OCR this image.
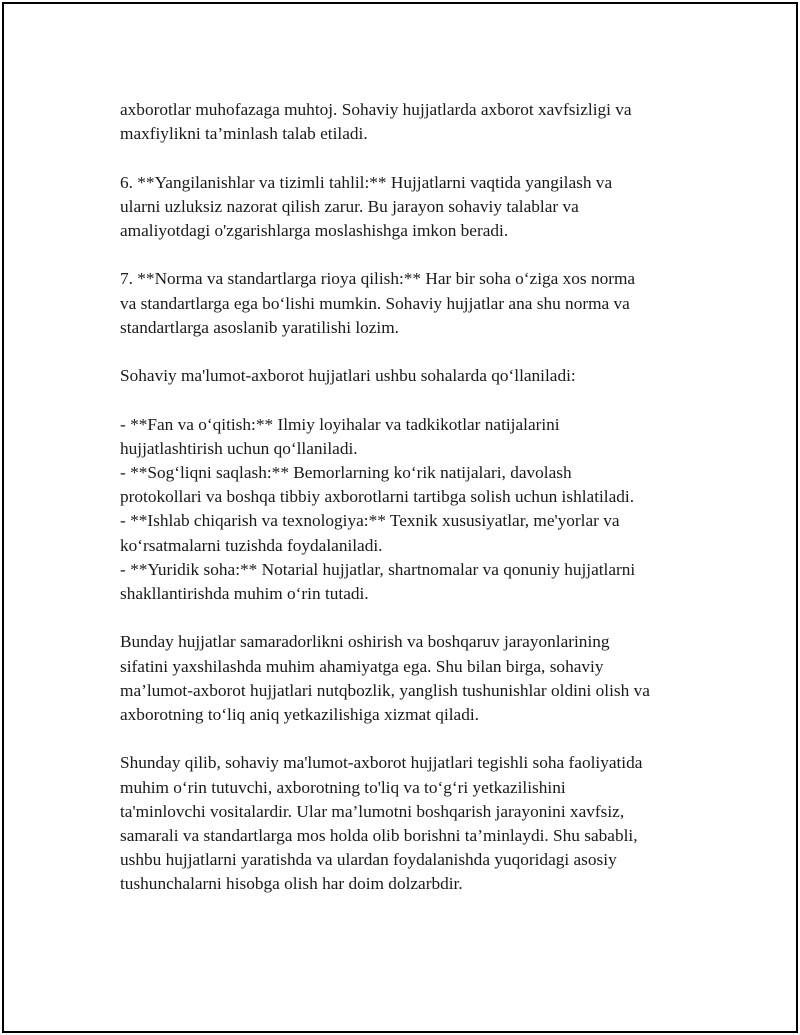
axborotlar muhofazaga muhtoj. Sohaviy hujjatlarda axborot xavfsizligi va
maxfiylikni ta’minlash talab etiladi.

6. **Yangilanishlar va tizimli tahlil:** Hujjatlarni vaqtida yangilash va
ularni uzluksiz nazorat qilish zarur. Bu jarayon sohaviy talablar va
amaliyotdagi o'zgarishlarga moslashishga imkon beradi.

7. **Norma va standartlarga rioya qilish:** Har bir soha o‘ziga xos norma
va standartlarga ega bo‘lishi mumkin. Sohaviy hujjatlar ana shu norma va
standartlarga asoslanib yaratilishi lozim.

Sohaviy ma'lumot-axborot hujjatlari ushbu sohalarda qo‘llaniladi:

- **Fan va o‘qitish:** Ilmiy loyihalar va tadkikotlar natijalarini
hujjatlashtirish uchun qo‘llaniladi.
- **Sog‘liqni saqlash:** Bemorlarning ko‘rik natijalari, davolash
protokollari va boshqa tibbiy axborotlarni tartibga solish uchun ishlatiladi.
- **Ishlab chiqarish va texnologiya:** Texnik xususiyatlar, me'yorlar va
ko‘rsatmalarni tuzishda foydalaniladi.
- **Yuridik soha:** Notarial hujjatlar, shartnomalar va qonuniy hujjatlarni
shakllantirishda muhim o‘rin tutadi.

Bunday hujjatlar samaradorlikni oshirish va boshqaruv jarayonlarining
sifatini yaxshilashda muhim ahamiyatga ega. Shu bilan birga, sohaviy
ma’lumot-axborot hujjatlari nutqbozlik, yanglish tushunishlar oldini olish va
axborotning to‘liq aniq yetkazilishiga xizmat qiladi.

Shunday qilib, sohaviy ma'lumot-axborot hujjatlari tegishli soha faoliyatida
muhim o‘rin tutuvchi, axborotning to'liq va to‘g‘ri yetkazilishini
ta'minlovchi vositalardir. Ular ma’lumotni boshqarish jarayonini xavfsiz,
samarali va standartlarga mos holda olib borishni ta’minlaydi. Shu sababli,
ushbu hujjatlarni yaratishda va ulardan foydalanishda yuqoridagi asosiy
tushunchalarni hisobga olish har doim dolzarbdir.
